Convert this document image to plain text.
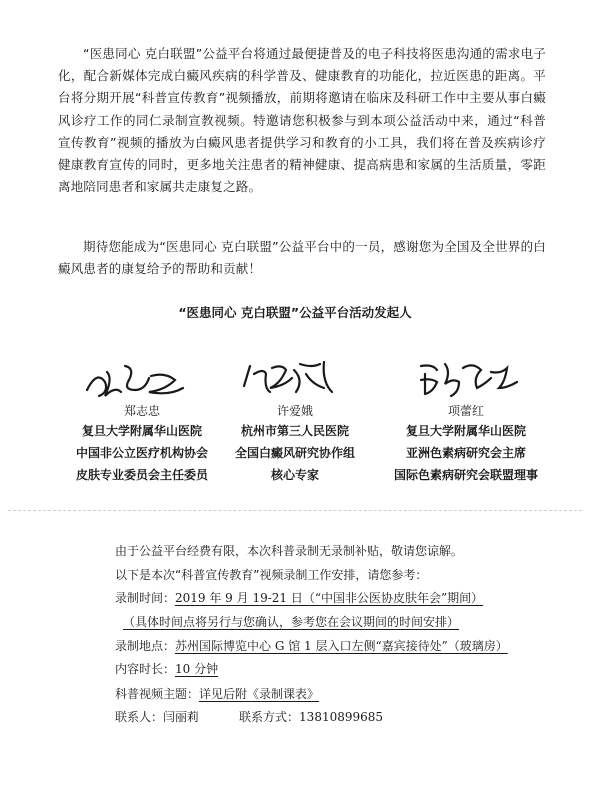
“医患同心 克白联盟”公益平台将通过最便捷普及的电子科技将医患沟通的需求电子化，配合新媒体完成白癜风疾病的科学普及、健康教育的功能化，拉近医患的距离。平台将分期开展“科普宣传教育”视频播放，前期将邀请在临床及科研工作中主要从事白癜风诊疗工作的同仁录制宣教视频。特邀请您积极参与到本项公益活动中来，通过“科普宣传教育”视频的播放为白癜风患者提供学习和教育的小工具，我们将在普及疾病诊疗健康教育宣传的同时，更多地关注患者的精神健康、提高病患和家属的生活质量，零距离地陪同患者和家属共走康复之路。
期待您能成为“医患同心 克白联盟”公益平台中的一员，感谢您为全国及全世界的白癜风患者的康复给予的帮助和贡献！
“医患同心 克白联盟”公益平台活动发起人
郑志忠
复旦大学附属华山医院
中国非公立医疗机构协会
皮肤专业委员会主任委员
许爱娥
杭州市第三人民医院
全国白癜风研究协作组
核心专家
项蕾红
复旦大学附属华山医院
亚洲色素病研究会主席
国际色素病研究会联盟理事
由于公益平台经费有限，本次科普录制无录制补贴，敬请您谅解。
以下是本次“科普宣传教育”视频录制工作安排，请您参考：
录制时间：2019 年 9 月 19-21 日（“中国非公医协皮肤年会”期间）
（具体时间点将另行与您确认，参考您在会议期间的时间安排）
录制地点：苏州国际博览中心 G 馆 1 层入口左侧“嘉宾接待处”（玻璃房）
内容时长：10 分钟
科普视频主题：详见后附《录制课表》
联系人：闫丽莉	联系方式：13810899685
